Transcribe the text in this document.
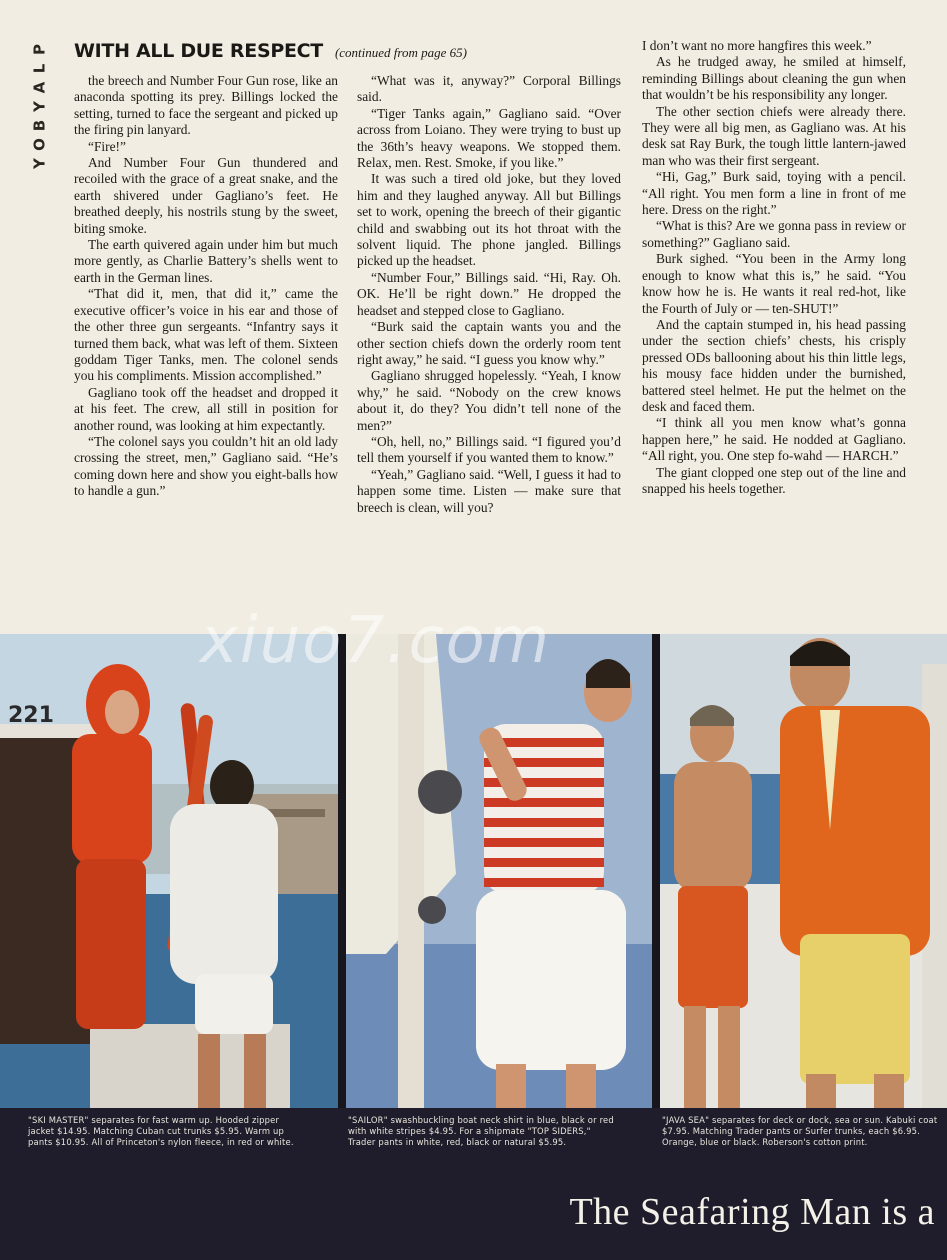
P
L
A
Y
B
O
Y
WITH ALL DUE RESPECT (continued from page 65)

the breech and Number Four Gun rose, like an anaconda spotting its prey. Billings locked the setting, turned to face the sergeant and picked up the firing pin lanyard.

“Fire!”

And Number Four Gun thundered and recoiled with the grace of a great snake, and the earth shivered under Gagliano’s feet. He breathed deeply, his nostrils stung by the sweet, biting smoke.

The earth quivered again under him but much more gently, as Charlie Battery’s shells went to earth in the German lines.

“That did it, men, that did it,” came the executive officer’s voice in his ear and those of the other three gun sergeants. “Infantry says it turned them back, what was left of them. Sixteen goddam Tiger Tanks, men. The colonel sends you his compliments. Mission accomplished.”

Gagliano took off the headset and dropped it at his feet. The crew, all still in position for another round, was looking at him expectantly.

“The colonel says you couldn’t hit an old lady crossing the street, men,” Gagliano said. “He’s coming down here and show you eight-balls how to handle a gun.”

“What was it, anyway?” Corporal Billings said.

“Tiger Tanks again,” Gagliano said. “Over across from Loiano. They were trying to bust up the 36th’s heavy weapons. We stopped them. Relax, men. Rest. Smoke, if you like.”

It was such a tired old joke, but they loved him and they laughed anyway. All but Billings set to work, opening the breech of their gigantic child and swabbing out its hot throat with the solvent liquid. The phone jangled. Billings picked up the headset.

“Number Four,” Billings said. “Hi, Ray. Oh. OK. He’ll be right down.” He dropped the headset and stepped close to Gagliano.

“Burk said the captain wants you and the other section chiefs down the orderly room tent right away,” he said. “I guess you know why.”

Gagliano shrugged hopelessly. “Yeah, I know why,” he said. “Nobody on the crew knows about it, do they? You didn’t tell none of the men?”

“Oh, hell, no,” Billings said. “I figured you’d tell them yourself if you wanted them to know.”

“Yeah,” Gagliano said. “Well, I guess it had to happen some time. Listen — make sure that breech is clean, will you?

I don’t want no more hangfires this week.”

As he trudged away, he smiled at himself, reminding Billings about cleaning the gun when that wouldn’t be his responsibility any longer.

The other section chiefs were already there. They were all big men, as Gagliano was. At his desk sat Ray Burk, the tough little lantern-jawed man who was their first sergeant.

“Hi, Gag,” Burk said, toying with a pencil. “All right. You men form a line in front of me here. Dress on the right.”

“What is this? Are we gonna pass in review or something?” Gagliano said.

Burk sighed. “You been in the Army long enough to know what this is,” he said. “You know how he is. He wants it real red-hot, like the Fourth of July or — ten-SHUT!”

And the captain stumped in, his head passing under the section chiefs’ chests, his crisply pressed ODs ballooning about his thin little legs, his mousy face hidden under the burnished, battered steel helmet. He put the helmet on the desk and faced them.

“I think all you men know what’s gonna happen here,” he said. He nodded at Gagliano. “All right, you. One step fo-wahd — HARCH.”

The giant clopped one step out of the line and snapped his heels together.

221
xiuo7.com
"SKI MASTER" separates for fast warm up. Hooded zipper jacket $14.95. Matching Cuban cut trunks $5.95. Warm up pants $10.95. All of Princeton's nylon fleece, in red or white.
"SAILOR" swashbuckling boat neck shirt in blue, black or red with white stripes $4.95. For a shipmate "TOP SIDERS," Trader pants in white, red, black or natural $5.95.
"JAVA SEA" separates for deck or dock, sea or sun. Kabuki coat $7.95. Matching Trader pants or Surfer trunks, each $6.95. Orange, blue or black. Roberson's cotton print.
The Seafaring Man is a
